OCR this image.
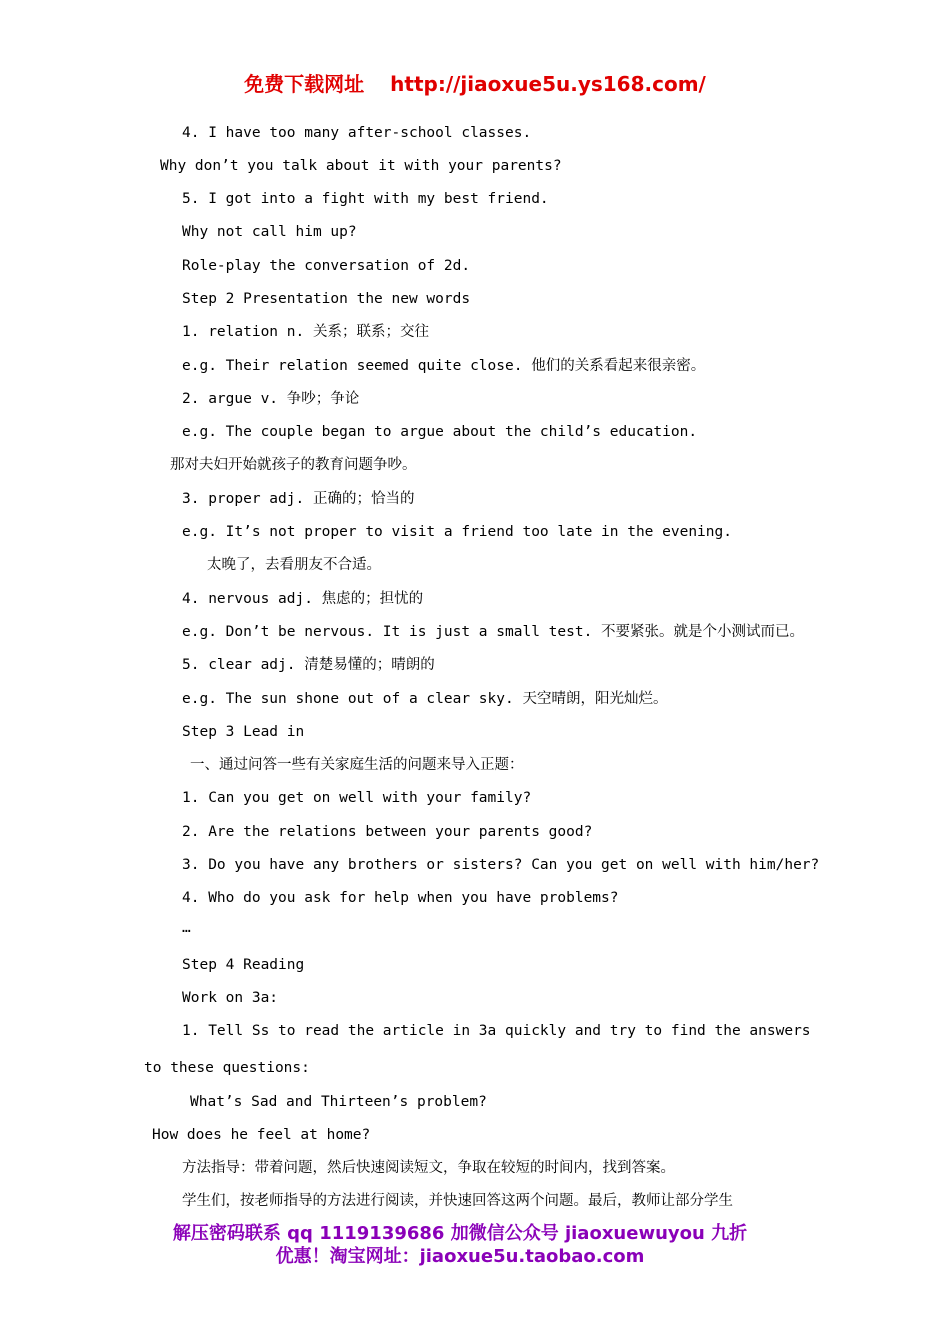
免费下载网址 http://jiaoxue5u.ys168.com/
4. I have too many after-school classes.
Why don’t you talk about it with your parents?
5. I got into a fight with my best friend.
Why not call him up?
Role-play the conversation of 2d.
Step 2 Presentation the new words
1. relation n. 关系；联系；交往
e.g. Their relation seemed quite close. 他们的关系看起来很亲密。
2. argue v. 争吵；争论
e.g. The couple began to argue about the child’s education.
那对夫妇开始就孩子的教育问题争吵。
3. proper adj. 正确的；恰当的
e.g. It’s not proper to visit a friend too late in the evening.
太晚了，去看朋友不合适。
4. nervous adj. 焦虑的；担忧的
e.g. Don’t be nervous. It is just a small test. 不要紧张。就是个小测试而已。
5. clear adj. 清楚易懂的；晴朗的
e.g. The sun shone out of a clear sky. 天空晴朗，阳光灿烂。
Step 3 Lead in
一、通过问答一些有关家庭生活的问题来导入正题：
1. Can you get on well with your family?
2. Are the relations between your parents good?
3. Do you have any brothers or sisters? Can you get on well with him/her?
4. Who do you ask for help when you have problems?
…
Step 4 Reading
Work on 3a:
1. Tell Ss to read the article in 3a quickly and try to find the answers
to these questions:
What’s Sad and Thirteen’s problem?
How does he feel at home?
方法指导：带着问题，然后快速阅读短文，争取在较短的时间内，找到答案。
学生们，按老师指导的方法进行阅读，并快速回答这两个问题。最后，教师让部分学生
解压密码联系 qq 1119139686 加微信公众号 jiaoxuewuyou 九折
优惠！淘宝网址：jiaoxue5u.taobao.com
